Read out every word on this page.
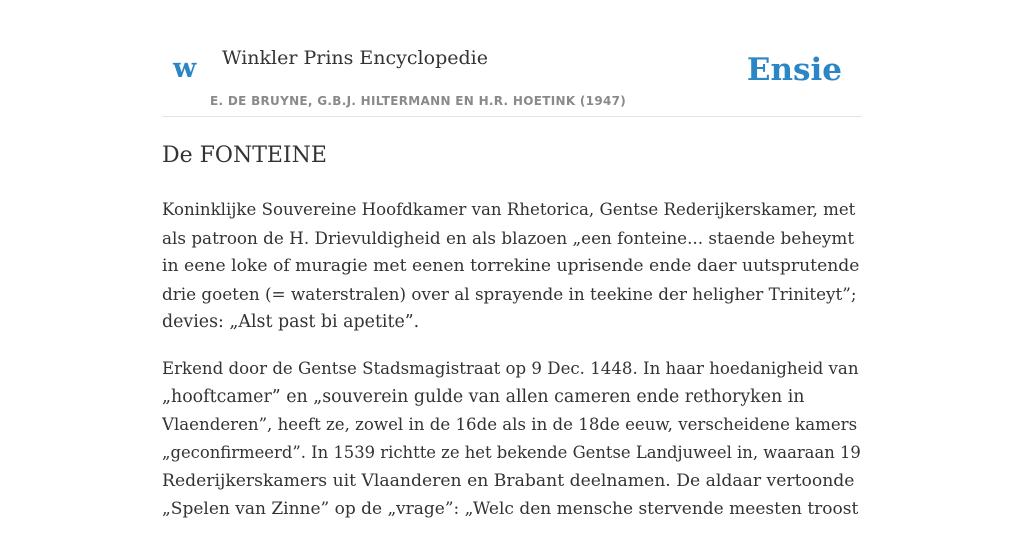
w Winkler Prins Encyclopedie
E. DE BRUYNE, G.B.J. HILTERMANN EN H.R. HOETINK (1947)
Ensie
De FONTEINE

Koninklijke Souvereine Hoofdkamer van Rhetorica, Gentse Rederijkerskamer, met
als patroon de H. Drievuldigheid en als blazoen „een fonteine... staende beheymt
in eene loke of muragie met eenen torrekine uprisende ende daer uutsprutende
drie goeten (= waterstralen) over al sprayende in teekine der heligher Triniteyt”;
devies: „Alst past bi apetite”.

Erkend door de Gentse Stadsmagistraat op 9 Dec. 1448. In haar hoedanigheid van
„hooftcamer” en „souverein gulde van allen cameren ende rethoryken in
Vlaenderen”, heeft ze, zowel in de 16de als in de 18de eeuw, verscheidene kamers
„geconfirmeerd”. In 1539 richtte ze het bekende Gentse Landjuweel in, waaraan 19
Rederijkerskamers uit Vlaanderen en Brabant deelnamen. De aldaar vertoonde
„Spelen van Zinne” op de „vrage”: „Welc den mensche stervende meesten troost
